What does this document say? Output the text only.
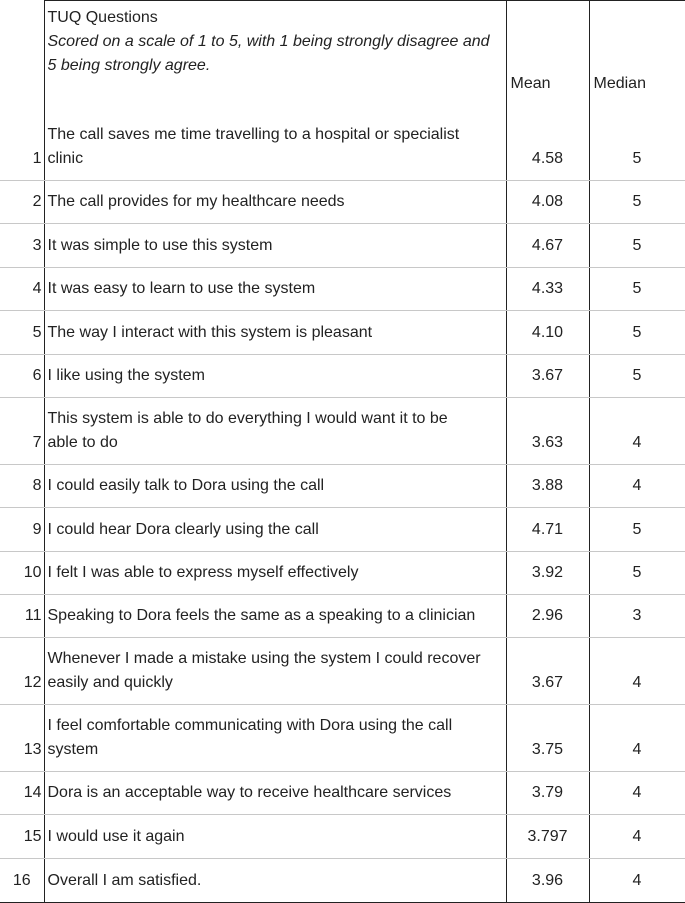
	TUQ Questions
Scored on a scale of 1 to 5, with 1 being strongly disagree and
5 being strongly agree.	Mean	Median
1	The call saves me time travelling to a hospital or specialist
clinic	4.58	5
2	The call provides for my healthcare needs	4.08	5
3	It was simple to use this system	4.67	5
4	It was easy to learn to use the system	4.33	5
5	The way I interact with this system is pleasant	4.10	5
6	I like using the system	3.67	5
7	This system is able to do everything I would want it to be
able to do	3.63	4
8	I could easily talk to Dora using the call	3.88	4
9	I could hear Dora clearly using the call	4.71	5
10	I felt I was able to express myself effectively	3.92	5
11	Speaking to Dora feels the same as a speaking to a clinician	2.96	3
12	Whenever I made a mistake using the system I could recover
easily and quickly	3.67	4
13	I feel comfortable communicating with Dora using the call
system	3.75	4
14	Dora is an acceptable way to receive healthcare services	3.79	4
15	I would use it again	3.797	4
16	Overall I am satisfied.	3.96	4
